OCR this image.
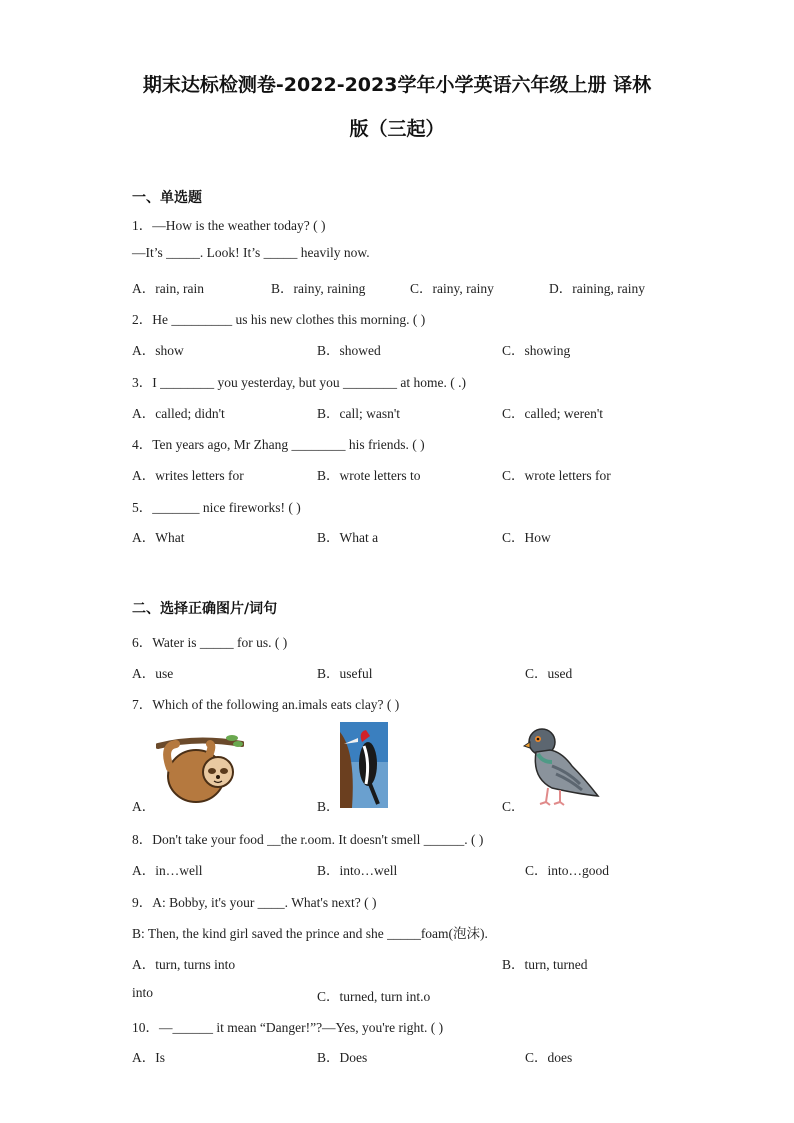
期末达标检测卷-2022-2023学年小学英语六年级上册 译林
版（三起）
一、单选题
1．—How is the weather today? ( )
—It’s _____. Look! It’s _____ heavily now.
A．rain, rain	B．rainy, raining	C．rainy, rainy	D．raining, rainy
2．He _________ us his new clothes this morning. ( )
A．show	B．showed	C．showing
3．I ________ you yesterday, but you ________ at home. ( .)
A．called; didn't	B．call; wasn't	C．called; weren't
4．Ten years ago, Mr Zhang ________ his friends. ( )
A．writes letters for	B．wrote letters to	C．wrote letters for
5．_______ nice fireworks! ( )
A．What	B．What a	C．How
二、选择正确图片/词句
6．Water is _____ for us. ( )
A．use	B．useful	C．used
7．Which of the following an.imals eats clay? ( )
A．	B．	C．
8．Don't take your food __the r.oom. It doesn't smell ______. ( )
A．in…well	B．into…well	C．into…good
9．A: Bobby, it's your ____. What's next? ( )
B: Then, the kind girl saved the prince and she _____foam(泡沫).
A．turn, turns into	B．turn, turned
into	C．turned, turn int.o
10．—______ it mean “Danger!”?—Yes, you're right. ( )
A．Is	B．Does	C．does
